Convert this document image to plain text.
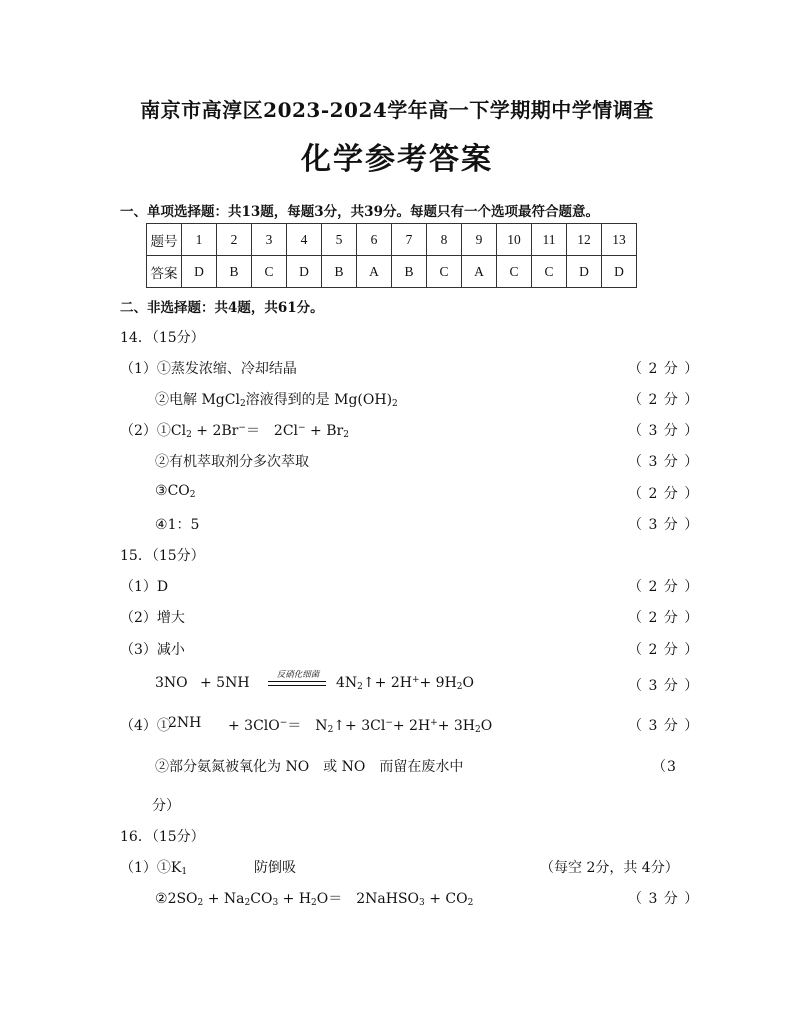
南京市高淳区2023-2024学年高一下学期期中学情调查
化学参考答案
一、单项选择题：共13题，每题3分，共39分。每题只有一个选项最符合题意。
题号	1	2	3	4	5	6	7	8	9	10	11	12	13
答案	D	B	C	D	B	A	B	C	A	C	C	D	D
二、非选择题：共4题，共61分。
14．（15分）
（1）①蒸发浓缩、冷却结晶	（ 2 分 ）
②电解 MgCl$_2$溶液得到的是 $Mg(OH)_2$	（ 2 分 ）
$(2)①Cl_2 + 2Br^-=$　$2Cl^- + Br_2$	（ 3 分 ）
②有机萃取剂分多次萃取	（ 3 分 ）
$③CO_2$	（ 2 分 ）
④1：5	（ 3 分 ）
15．（15分）
（1）D	（ 2 分 ）
（2）增大	（ 2 分 ）
（3）减小	（ 2 分 ）
3NO + 5NH	反硝化细菌	$4N_2↑+ 2H^++ 9H_2O$	（ 3 分 ）
（4）①
2NH + 3ClO−＝　$N_2↑+ 3Cl^-+ 2H^++ 3H_2O$	（ 3 分 ）
②部分氨氮被氧化为 NO　或 NO　而留在废水中	（3
分）
16．（15分）
$(1)①K_1$	防倒吸	（每空 2分，共 4分）
$②2SO_2 + Na_2CO_3 + H_2O=$　2NaHSO$_3$ + $CO_2$	（ 3 分 ）
